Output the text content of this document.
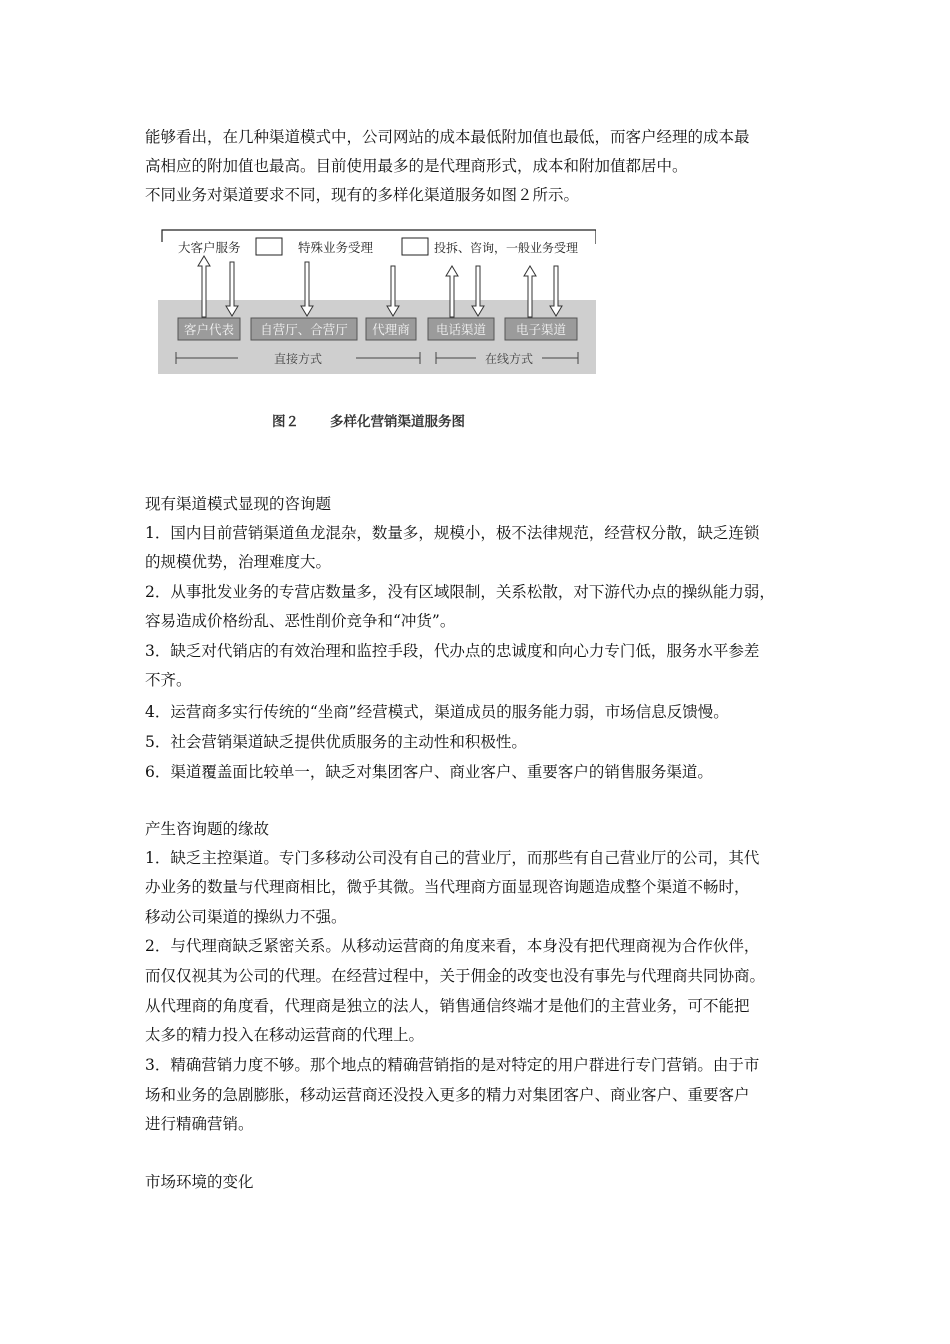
能够看出，在几种渠道模式中，公司网站的成本最低附加值也最低，而客户经理的成本最
高相应的附加值也最高。目前使用最多的是代理商形式，成本和附加值都居中。
不同业务对渠道要求不同，现有的多样化渠道服务如图２所示。
大客户服务	特殊业务受理	投拆、咨询，一般业务受理
客户代表 自营厅、合营厅 代理商 电话渠道 电子渠道
直接方式	在线方式
图２ 多样化营销渠道服务图
现有渠道模式显现的咨询题
1．国内目前营销渠道鱼龙混杂，数量多，规模小，极不法律规范，经营权分散，缺乏连锁
的规模优势，治理难度大。
2．从事批发业务的专营店数量多，没有区域限制，关系松散，对下游代办点的操纵能力弱，
容易造成价格纷乱、恶性削价竞争和“冲货”。
3．缺乏对代销店的有效治理和监控手段，代办点的忠诚度和向心力专门低，服务水平参差
不齐。
4．运营商多实行传统的“坐商”经营模式，渠道成员的服务能力弱，市场信息反馈慢。
5．社会营销渠道缺乏提供优质服务的主动性和积极性。
6．渠道覆盖面比较单一，缺乏对集团客户、商业客户、重要客户的销售服务渠道。
产生咨询题的缘故
1．缺乏主控渠道。专门多移动公司没有自己的营业厅，而那些有自己营业厅的公司，其代
办业务的数量与代理商相比，微乎其微。当代理商方面显现咨询题造成整个渠道不畅时，
移动公司渠道的操纵力不强。
2．与代理商缺乏紧密关系。从移动运营商的角度来看，本身没有把代理商视为合作伙伴，
而仅仅视其为公司的代理。在经营过程中，关于佣金的改变也没有事先与代理商共同协商。
从代理商的角度看，代理商是独立的法人，销售通信终端才是他们的主营业务，可不能把
太多的精力投入在移动运营商的代理上。
3．精确营销力度不够。那个地点的精确营销指的是对特定的用户群进行专门营销。由于市
场和业务的急剧膨胀，移动运营商还没投入更多的精力对集团客户、商业客户、重要客户
进行精确营销。
市场环境的变化
